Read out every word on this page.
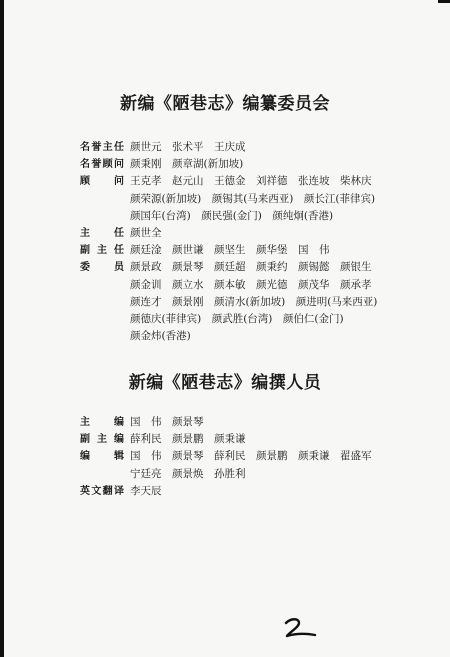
新编《陋巷志》编纂委员会
名誉主任 颜世元　张术平　王庆成
名誉顾问 颜秉刚　颜章湖(新加坡)
顾　　问 王克孝　赵元山　王德金　刘祥德　张连坡　柴林庆
颜荣源(新加坡)　颜锡其(马来西亚)　颜长江(菲律宾)
颜国年(台湾)　颜民强(金门)　颜纯炯(香港)
主　　任 颜世全
副 主 任 颜廷淦　颜世谦　颜坚生　颜华堡　国　伟
委　　员 颜景政　颜景琴　颜廷超　颜秉约　颜锡懿　颜银生
颜金训　颜立水　颜本敏　颜光德　颜茂华　颜承孝
颜连才　颜景刚　颜清水(新加坡)　颜进明(马来西亚)
颜德庆(菲律宾)　颜武胜(台湾)　颜伯仁(金门)
颜金炜(香港)
新编《陋巷志》编撰人员
主　　编 国　伟　颜景琴
副 主 编 薛利民　颜景鹏　颜秉谦
编　　辑 国　伟　颜景琴　薛利民　颜景鹏　颜秉谦　翟盛军
宁廷亮　颜景焕　孙胜利
英文翻译 李天辰
